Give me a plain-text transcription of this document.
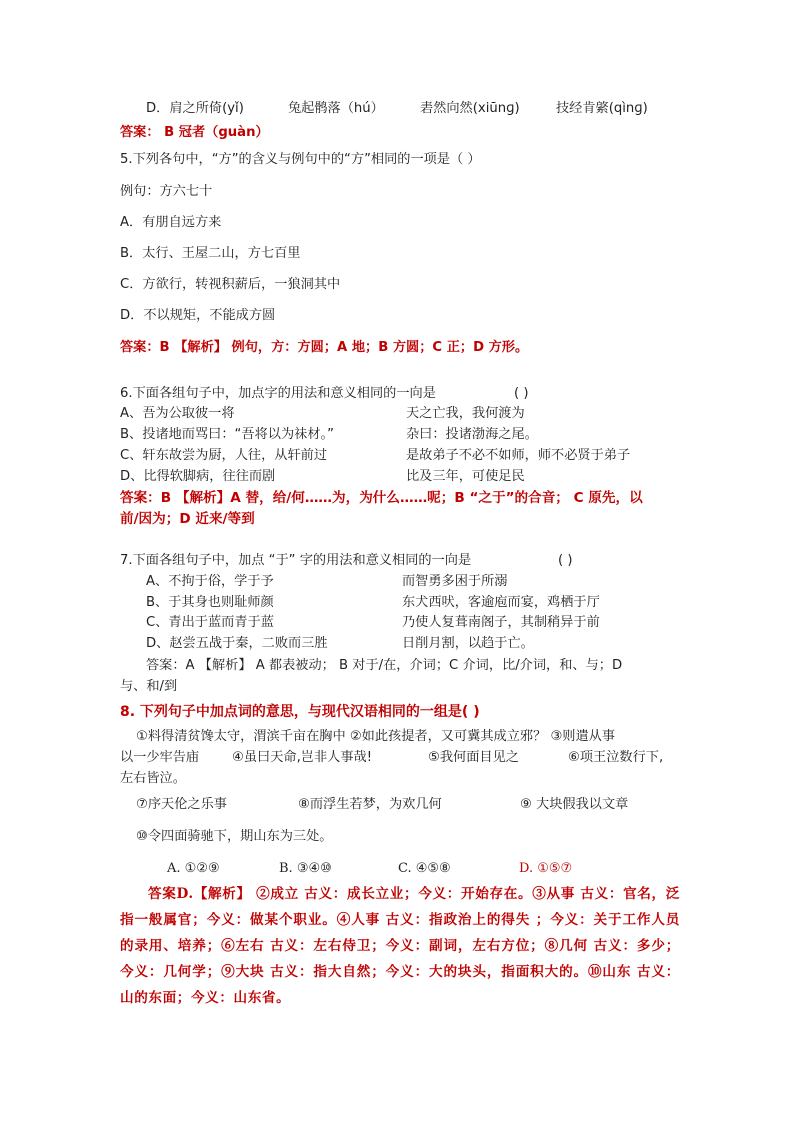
D．肩之所倚(yǐ)	兔起鹘落（hú）	砉然向然(xiūnɡ)	技经肯綮(qìnɡ)
答案： B 冠者（guàn）
5.下列各句中，“方”的含义与例句中的“方”相同的一项是（ ）
例句：方六七十
A．有朋自远方来
B．太行、王屋二山，方七百里
C．方欲行，转视积薪后，一狼洞其中
D．不以规矩，不能成方圆
答案：B 【解析】 例句，方：方圆；A 地；B 方圆；C 正；D 方形。
6.下面各组句子中，加点字的用法和意义相同的一向是	( )
A、吾为公取彼一将	天之亡我，我何渡为
B、投诸地而骂曰：“吾将以为祙材。”	杂曰：投诸渤海之尾。
C、轩东故尝为厨，人往，从轩前过	是故弟子不必不如师，师不必贤于弟子
D、比得软脚病，往往而剧	比及三年，可使足民
答案：B 【解析】A 替，给/何……为，为什么……呢；B “之于”的合音； C 原先，以
前/因为；D 近来/等到
7.下面各组句子中，加点 “于” 字的用法和意义相同的一向是	( )
A、不拘于俗，学于予	而智勇多困于所溺
B、于其身也则耻师颜	东犬西吠，客逾庖而宴，鸡栖于厅
C、青出于蓝而青于蓝	乃使人复葺南阁子，其制稍异于前
D、赵尝五战于秦，二败而三胜	日削月割，以趋于亡。
答案：A 【解析】 A 都表被动； B 对于/在，介词；C 介词，比/介词，和、与；D
与、和/到
8. 下列句子中加点词的意思，与现代汉语相同的一组是( )
①料得清贫馋太守，渭滨千亩在胸中 ②如此孩提者，又可冀其成立邪？ ③则遣从事
以一少牢告庙 ④虽曰天命,岂非人事哉!	⑤我何面目见之	⑥项王泣数行下,
左右皆泣。
⑦序天伦之乐事	⑧而浮生若梦，为欢几何	⑨ 大块假我以文章
⑩令四面骑驰下，期山东为三处。
A. ①②⑨	B. ③④⑩	C. ④⑤⑧	D. ①⑤⑦
答案D.【解析】 ②成立 古义：成长立业；今义：开始存在。③从事 古义：官名，泛指一般属官；今义：做某个职业。④人事 古义：指政治上的得失 ；今义：关于工作人员的录用、培养；⑥左右 古义：左右侍卫；今义：副词，左右方位；⑧几何 古义：多少；今义：几何学；⑨大块 古义：指大自然；今义：大的块头，指面积大的。⑩山东 古义：山的东面；今义：山东省。
